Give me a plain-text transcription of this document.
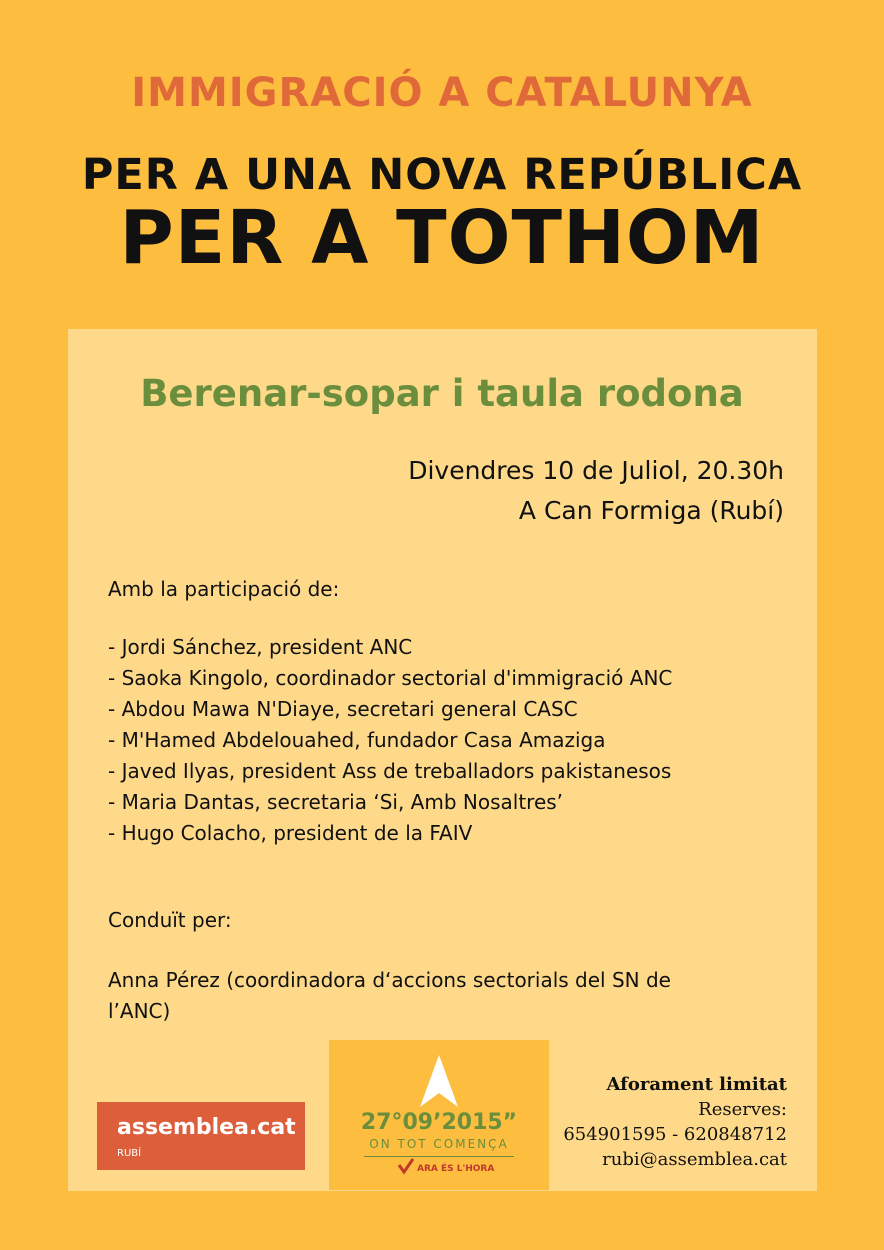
IMMIGRACIÓ A CATALUNYA
PER A UNA NOVA REPÚBLICA
PER A TOTHOM
Berenar-sopar i taula rodona
Divendres 10 de Juliol, 20.30h
A Can Formiga (Rubí)
Amb la participació de:
- Jordi Sánchez, president ANC
- Saoka Kingolo, coordinador sectorial d'immigració ANC
- Abdou Mawa N'Diaye, secretari general CASC
- M'Hamed Abdelouahed, fundador Casa Amaziga
- Javed Ilyas, president Ass de treballadors pakistanesos
- Maria Dantas, secretaria ‘Si, Amb Nosaltres’
- Hugo Colacho, president de la FAIV
Conduït per:
Anna Pérez (coordinadora d‘accions sectorials del SN de
l’ANC)
assemblea.cat
RUBÍ
27°09’2015”
ON TOT COMENÇA
ARA ÉS L'HORA
Aforament limitat
Reserves:
654901595 - 620848712
rubi@assemblea.cat
